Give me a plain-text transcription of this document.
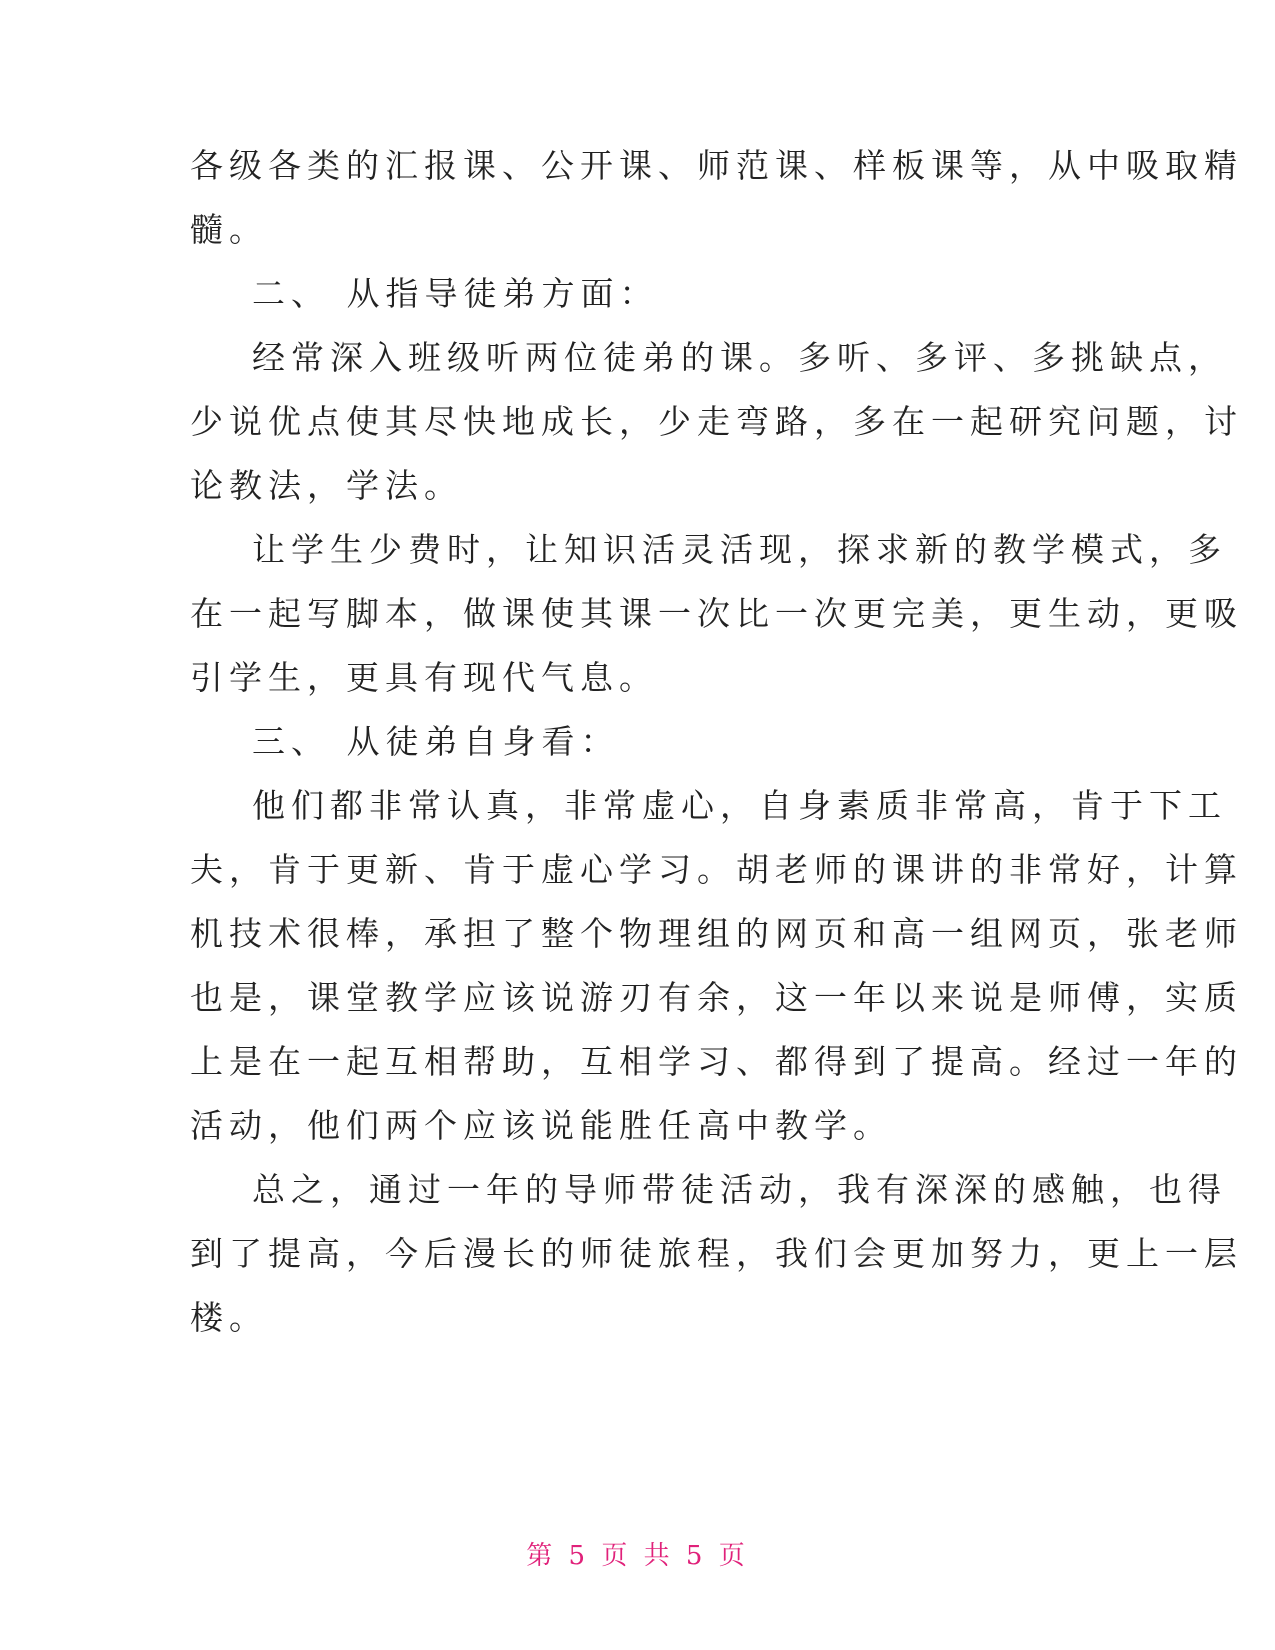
各级各类的汇报课、公开课、师范课、样板课等，从中吸取精
髓。
二、 从指导徒弟方面：
经常深入班级听两位徒弟的课。多听、多评、多挑缺点，
少说优点使其尽快地成长，少走弯路，多在一起研究问题，讨
论教法，学法。
让学生少费时，让知识活灵活现，探求新的教学模式，多
在一起写脚本，做课使其课一次比一次更完美，更生动，更吸
引学生，更具有现代气息。
三、 从徒弟自身看：
他们都非常认真，非常虚心，自身素质非常高，肯于下工
夫，肯于更新、肯于虚心学习。胡老师的课讲的非常好，计算
机技术很棒，承担了整个物理组的网页和高一组网页，张老师
也是，课堂教学应该说游刃有余，这一年以来说是师傅，实质
上是在一起互相帮助，互相学习、都得到了提高。经过一年的
活动，他们两个应该说能胜任高中教学。
总之，通过一年的导师带徒活动，我有深深的感触，也得
到了提高，今后漫长的师徒旅程，我们会更加努力，更上一层
楼。
第 5 页 共 5 页
